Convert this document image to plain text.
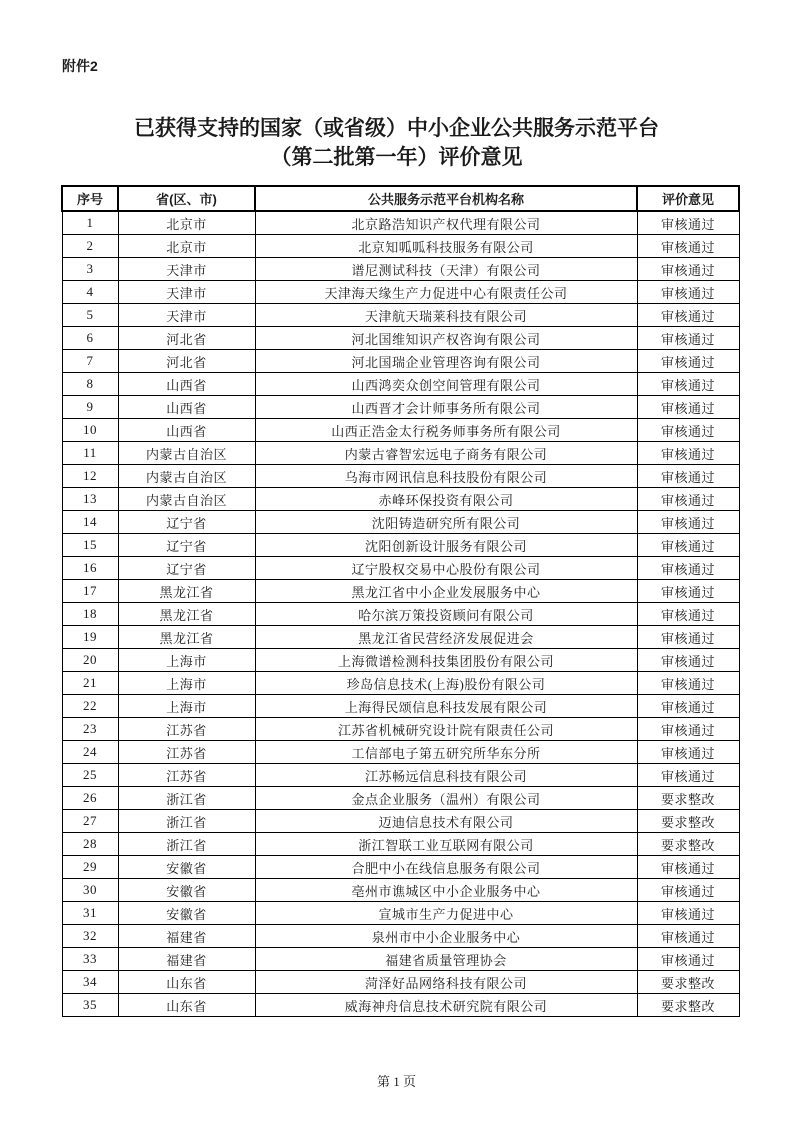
附件2
已获得支持的国家（或省级）中小企业公共服务示范平台
（第二批第一年）评价意见
序号	省(区、市)	公共服务示范平台机构名称	评价意见
1	北京市	北京路浩知识产权代理有限公司	审核通过
2	北京市	北京知呱呱科技服务有限公司	审核通过
3	天津市	谱尼测试科技（天津）有限公司	审核通过
4	天津市	天津海天缘生产力促进中心有限责任公司	审核通过
5	天津市	天津航天瑞莱科技有限公司	审核通过
6	河北省	河北国维知识产权咨询有限公司	审核通过
7	河北省	河北国瑞企业管理咨询有限公司	审核通过
8	山西省	山西鸿奕众创空间管理有限公司	审核通过
9	山西省	山西晋才会计师事务所有限公司	审核通过
10	山西省	山西正浩金太行税务师事务所有限公司	审核通过
11	内蒙古自治区	内蒙古睿智宏远电子商务有限公司	审核通过
12	内蒙古自治区	乌海市网讯信息科技股份有限公司	审核通过
13	内蒙古自治区	赤峰环保投资有限公司	审核通过
14	辽宁省	沈阳铸造研究所有限公司	审核通过
15	辽宁省	沈阳创新设计服务有限公司	审核通过
16	辽宁省	辽宁股权交易中心股份有限公司	审核通过
17	黑龙江省	黑龙江省中小企业发展服务中心	审核通过
18	黑龙江省	哈尔滨万策投资顾问有限公司	审核通过
19	黑龙江省	黑龙江省民营经济发展促进会	审核通过
20	上海市	上海微谱检测科技集团股份有限公司	审核通过
21	上海市	珍岛信息技术(上海)股份有限公司	审核通过
22	上海市	上海得民颂信息科技发展有限公司	审核通过
23	江苏省	江苏省机械研究设计院有限责任公司	审核通过
24	江苏省	工信部电子第五研究所华东分所	审核通过
25	江苏省	江苏畅远信息科技有限公司	审核通过
26	浙江省	金点企业服务（温州）有限公司	要求整改
27	浙江省	迈迪信息技术有限公司	要求整改
28	浙江省	浙江智联工业互联网有限公司	要求整改
29	安徽省	合肥中小在线信息服务有限公司	审核通过
30	安徽省	亳州市谯城区中小企业服务中心	审核通过
31	安徽省	宣城市生产力促进中心	审核通过
32	福建省	泉州市中小企业服务中心	审核通过
33	福建省	福建省质量管理协会	审核通过
34	山东省	菏泽好品网络科技有限公司	要求整改
35	山东省	威海神舟信息技术研究院有限公司	要求整改
第 1 页
